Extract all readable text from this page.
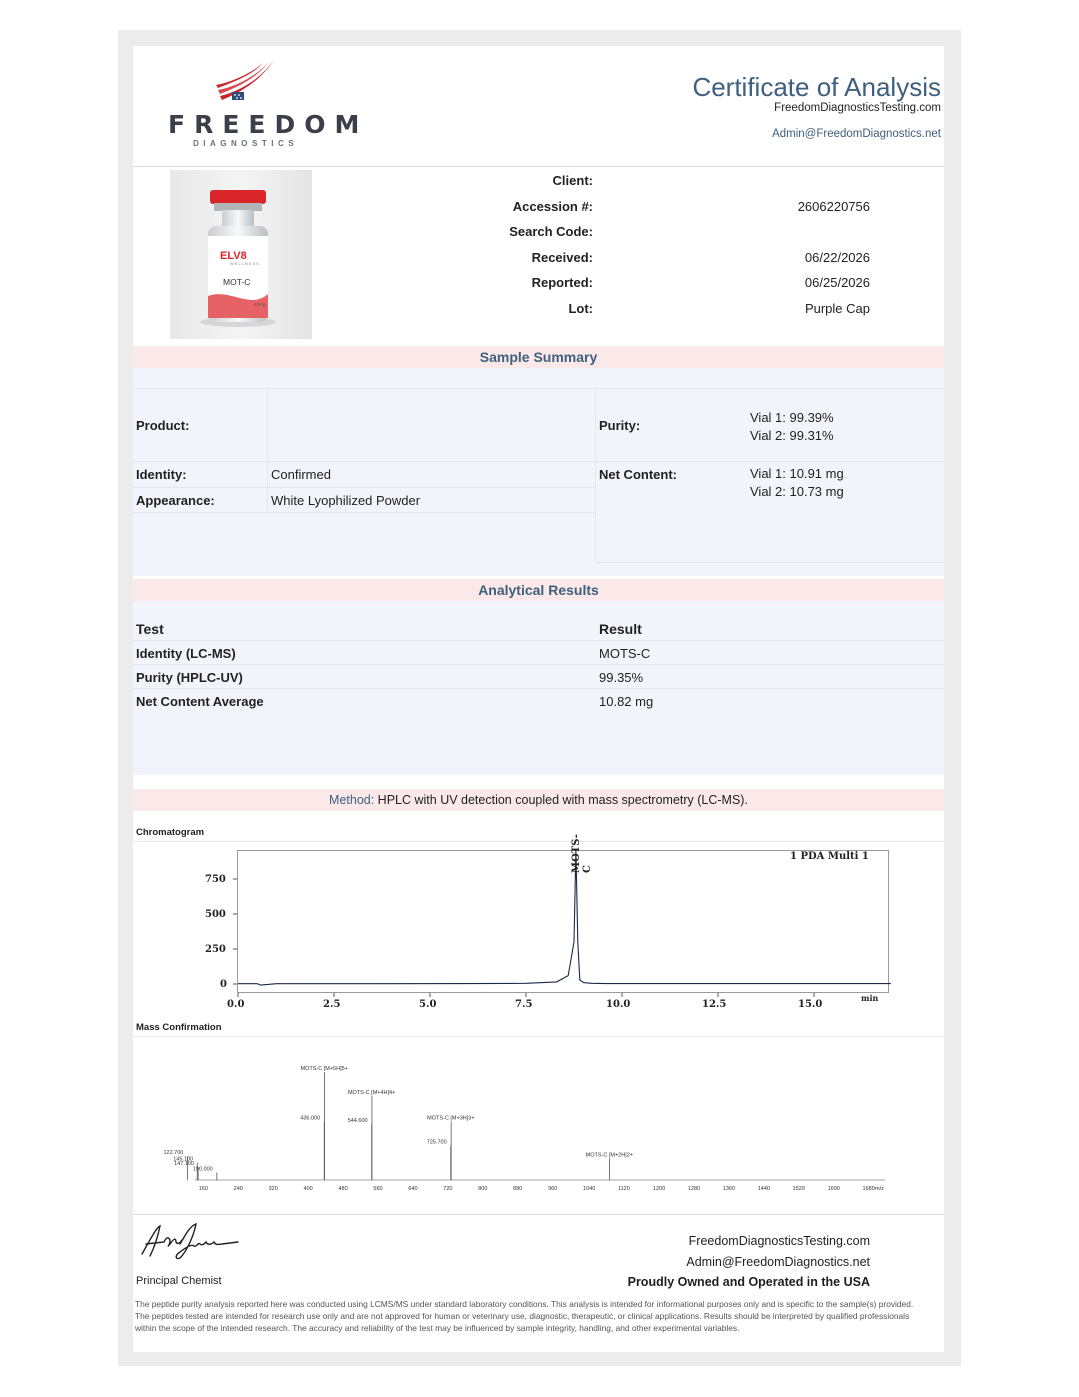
FREEDOM
DIAGNOSTICS
Certificate of Analysis
FreedomDiagnosticsTesting.com
Admin@FreedomDiagnostics.net
ELV8
WELLNESS
MOT-C
40mg
Client:
Accession #:	2606220756
Search Code:
Received:	06/22/2026
Reported:	06/25/2026
Lot:	Purple Cap
Sample Summary
Product:
Identity:	Confirmed
Appearance:	White Lyophilized Powder
Purity:
Vial 1: 99.39%
Vial 2: 99.31%
Net Content:	Vial 1: 10.91 mg
Vial 2: 10.73 mg
Analytical Results
Test	Result
Identity (LC-MS)	MOTS-C
Purity (HPLC-UV)	99.35%
Net Content Average	10.82 mg
Method: HPLC with UV detection coupled with mass spectrometry (LC-MS).
Chromatogram
1 PDA Multi 1
MOTS-C
750
500
250
0
0.0	2.5	5.0	7.5	10.0	12.5	15.0
min
Mass Confirmation
122.700
145.100
147.100
190.000
436.000
MOTS-C [M+5H]5+
544.600
MOTS-C [M+4H]4+
725.700
MOTS-C [M+3H]3+
MOTS-C [M+2H]2+
160	240	320	400	480	560	640	720	800	880	960	1040	1120	1200	1280	1360	1440	1520	1600	1680 m/z
Principal Chemist
FreedomDiagnosticsTesting.com
Admin@FreedomDiagnostics.net
Proudly Owned and Operated in the USA
The peptide purity analysis reported here was conducted using LCMS/MS under standard laboratory conditions. This analysis is intended for informational purposes only and is specific to the sample(s) provided. The peptides tested are intended for research use only and are not approved for human or veterinary use, diagnostic, therapeutic, or clinical applications. Results should be interpreted by qualified professionals within the scope of the intended research. The accuracy and reliability of the test may be influenced by sample integrity, handling, and other experimental variables.
